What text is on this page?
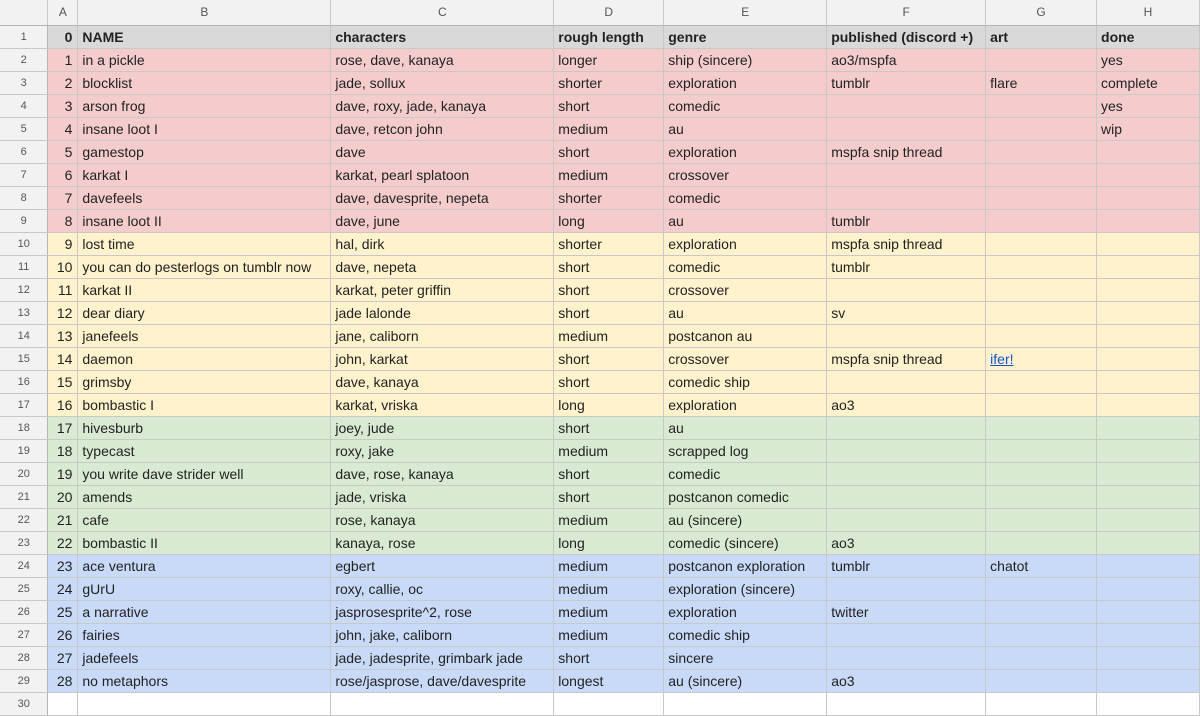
	A	B	C	D	E	F	G	H
1	0	NAME	characters	rough length	genre	published (discord +)	art	done
2	1	in a pickle	rose, dave, kanaya	longer	ship (sincere)	ao3/mspfa		yes
3	2	blocklist	jade, sollux	shorter	exploration	tumblr	flare	complete
4	3	arson frog	dave, roxy, jade, kanaya	short	comedic			yes
5	4	insane loot I	dave, retcon john	medium	au			wip
6	5	gamestop	dave	short	exploration	mspfa snip thread		
7	6	karkat I	karkat, pearl splatoon	medium	crossover			
8	7	davefeels	dave, davesprite, nepeta	shorter	comedic			
9	8	insane loot II	dave, june	long	au	tumblr		
10	9	lost time	hal, dirk	shorter	exploration	mspfa snip thread		
11	10	you can do pesterlogs on tumblr now	dave, nepeta	short	comedic	tumblr		
12	11	karkat II	karkat, peter griffin	short	crossover			
13	12	dear diary	jade lalonde	short	au	sv		
14	13	janefeels	jane, caliborn	medium	postcanon au			
15	14	daemon	john, karkat	short	crossover	mspfa snip thread	ifer!	
16	15	grimsby	dave, kanaya	short	comedic ship			
17	16	bombastic I	karkat, vriska	long	exploration	ao3		
18	17	hivesburb	joey, jude	short	au			
19	18	typecast	roxy, jake	medium	scrapped log			
20	19	you write dave strider well	dave, rose, kanaya	short	comedic			
21	20	amends	jade, vriska	short	postcanon comedic			
22	21	cafe	rose, kanaya	medium	au (sincere)			
23	22	bombastic II	kanaya, rose	long	comedic (sincere)	ao3		
24	23	ace ventura	egbert	medium	postcanon exploration	tumblr	chatot	
25	24	gUrU	roxy, callie, oc	medium	exploration (sincere)			
26	25	a narrative	jasprosesprite^2, rose	medium	exploration	twitter		
27	26	fairies	john, jake, caliborn	medium	comedic ship			
28	27	jadefeels	jade, jadesprite, grimbark jade	short	sincere			
29	28	no metaphors	rose/jasprose, dave/davesprite	longest	au (sincere)	ao3		
30								
